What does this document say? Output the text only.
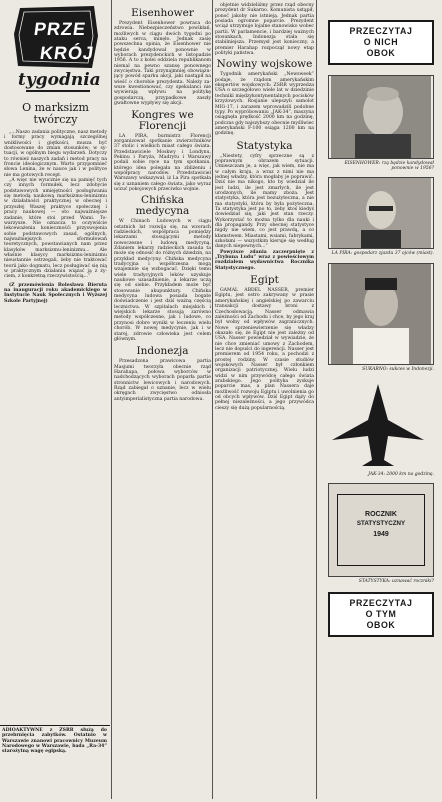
PRZE
KRÓJ
tygodnia
O marksizm twórczy

„...Naszo zadania polityczne, nasz metody i formy pracy wymagają szczególnej wnikliwości i giętkości, musza być dostosowane do zmian stosunków; w sytuacji, w ogólnym biegu wydarzeń. Dotyczy to również naszych zadań i metod pracy na froncie ideologicznym. Warto przypomnieć słowa Lenina, że w nauce jak i w polityce nie ma gotowych recept.

„A więc nie wyucznie się na pamięć tych czy innych formułek, lecz zdobycie podstawowych umiejętności posługiwania się metodą naukową marksizmu-leninizmu w działalności praktycznej w obecnej i przyszłej Waszej praktyce społecznej i pracy naukowej — oto najważniejsze zadanie, które stoi przed Wami. Towarzysze. Nie oznacza to oczywiście lekceważenia koniecznośći przyswojenia sobie podstawowych zasad, ogólnych, najważniejszych sformułowań teoretycznych, powstawianych nam przez klasyków marksizmu-leninizmu... Ale właśnie klasycy marksizmu-leninizmu nieustannie ostrzegali, żeby nie traktować teorii jako dogmatu, lecz posługiwać się nią w praktycznym działaniu wiązać ją z życiem, z konkretną rzeczywistością...”

(Z przemówienia Bolesława Bieruta na inauguracji roku akademickiego w Instytucie Nauk Społecznych i Wyższej Szkole Partyjnej)

ADIOAKTYWNE z ZSRR służą do przebrnięcia zabytków. Ostatnio w Warszawie znanowi pracownicy Muzeum Narodowego w Warszawie, bada „Ra-34” starożytną wagę egipską.

Eisenhower

Prezydent Eisenhower powraca do zdrowia. Niebezpieczeństwo powikłań, możliwych w ciągu dwóch tygodni po ataku serca, minęło. Jednak zasię powszechna opinia, że Eisenhower nie będzie kandydował ponownie w wyborach prezydenckich w listopadzie 1956. A to z kolei oddziela republikanom niemal na pewno szansę ponownego zwycięstwa. Taki przynajmniej obowiązujący powód sparku akcji, jaki nastąpił na wieść o chorobie prezydenta. Należy zawsze kwestionować, czy spekulanci nie wywierają wpływu na politykę gospodarczą, przypadkowe zaszły gwałtowne wypływy się akcji.

Kongres we Florencji

LA PIRA, burmistrz Florencji zorganizował spotkanie zwierzchników 37 stolic i wielkich miast całego świata. Przedstawiciele Moskwy i Londynu, Pekinu i Paryża, Madrytu i Warszawy podali sobie ręce na tym spotkaniu, którego idea polegała na zbliżeniu i współpracy narodów. Przedstawiciel Warszawy wskazywał, iż La Pira spotkała się z uznaniem całego świata, jako wyraz uczuć pokojowych przeciwko wojnie.

Chińska medycyna

W Chinach Ludowych w ciągu ostatnich lat rozwija się, na wzorach radzieckich, współpraca pomiędzy lekarzami stosującymi metody nowoczesne i ludową medycyną. Zdaniem lekarzy radzieckich zasada ta może się odnosić do różnych dziedzin, na przykład medycyny. Chińska medycyna tradycyjna i współczesna mogą wzajemnie się wzbogacać. Dzięki temu wiele tradycyjnych leków uzyskuje naukowe uzasadnienie, a lekarze uczą się od siebie. Przykładem może być stosowanie akupunktury. Chińska medycyna ludowa posiada bogate doświadczenie i jest dziś ważną częścią lecznictwa. W szpitalach miejskich i wiejskich lekarze stosują zarówno metody współczesne, jak i ludowe, co przynosi dobre wyniki w leczeniu wielu chorób. W nowej medycynie, jak i w starej, zdrowie człowieka jest celem głównym.

Indonezja

Przesadzona prawicowa partia Masjumi tworzyła obecnie rząd Harahapa, połowa wyborców w nadchodzących wyborach poparła partie stronnictw lewicowych i narodowych. Rząd zabiegał o uznanie, lecz w wielu okręgach zwycięstwo odniosła antyimperialistyczna partia narodowa.

objetnie widzieliśmy przez rząd obecny prezydent dr Sukarno. Komunista ustąpił, ponoć jakoby nie istnieją. Jednak partia posiada ogromne poparcie. Prezydent wciąż utrzymuje lojalne stanowisko wobec partii. W parlamencie, i bardziej ważnych stosunkach, Indonezja stała się stabilniejsza. Przemysł jest konieczny, a premier Harahap rozpoczął nowy etap polityki państwa.

Nowiny wojskowe

Tygodnik amerykański „Newsweek” podaje, że rządom amerykańskim ekspertów wojskowych: ZSRR wyprzedza USA o szczegółowo wiele lat w dziedzinie techniki międzykontynentalnych pocisków krzyżowych. Rosjanie ulepszyli samolot MIG-17, i zarazem wprowadzili podobne typy. Po wypróbowaniu „JAK-34”, maszyna osiągnęła prędkość 2000 km na godzinę, podczas gdy najszybszy obecnie myśliwiec amerykański F-100 osiąga 1200 km na godzinę.

Statystyka

„Niestety, cyfry sprzeczne są z poprawnym obrazem sytuacji. Umieszczam je, a więc, jak wiem, nie ma w całym kraju, a wraz z nimi nie ma jednej władzy, która mogłaby je poprawić. Dziś nie ma nikogo, kto by wiedział ile jest ludzi, ile jest zmarłych, ile jest urodzonych, ile mamy zboża. Jest statystyka, która jest bezużyteczna, a nie ma statystyki, która by była pożyteczna. Ta statystyka jest po to, żeby ktoś kiedyś dowiedział się, jaki jest stan rzeczy. Wykorzystać to można tylko dla nauki i dla propagandy. Przy obecnej statystyce nigdy nie wiem, co jest prawdą, a co kłamstwem. Miastami, wsiami, fabrykami, szkołami — wszystkim kieruje się według danych niepewnych...”

Powyższe zdania zaczerpnięte z „Trybuna Ludu” wraz z powieściowym rozdziałem wydawnictwa Rocznika Statystycznego.

Egipt

GAMAL ABDEL NASSER, premier Egiptu, jest ostro zakrywany w prasie amerykańskiej i angielskiej po zawarciu transakcji dostawy broni z Czechosłowacją. Nasser odmawia zależności od Zachodu i chce, by jego kraj był wolny od wpływów zagranicznych. Nowe sprzeniewierzenie się władzy okazało się, że Egipt nie jest zależny od USA. Nasser powiedział w wywiadzie, że nie chce zmieniać umowy z Zachodem, lecz nie dopuści do ingerencji. Nasser jest premierem od 1954 roku, a pochodzi z prostej rodziny. W czasie studiów wojskowych Nasser był członkiem organizacji patriotycznej. Wielu ludzi widzi w nim przywódcę całego świata arabskiego. Jego polityka zyskuje poparcie mas, a plan Nassera daje możliwość rozwoju Egiptu i uwolnienia go od obcych wpływów. Dziś Egipt dąży do pełnej niezależności, a jego przywódca cieszy się dużą popularnością.

PRZECZYTAJ
O NICH
OBOK
EISENHOWER: rzą będzie kandydował ponownie w 1956?
LA PIRA: gospodarz zjazdu 37 ojców (miast).
SUKARNO: sukces w Indonezji.
JAK-34: 2000 km na godzinę.
ROCZNIK
STATYSTYCZNY
1949
STATYSTYKA: uznawać roczniki?
PRZECZYTAJ
O TYM
OBOK
